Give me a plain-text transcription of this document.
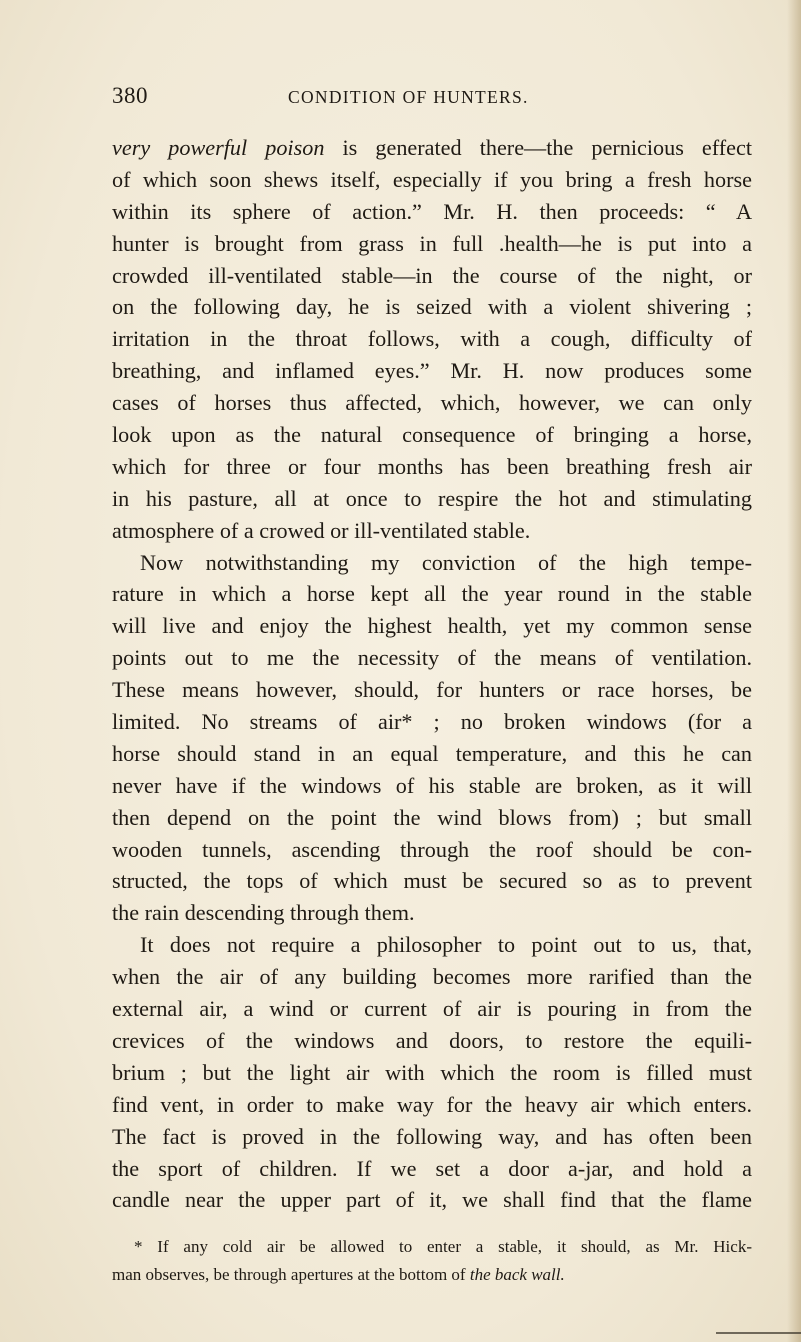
380	CONDITION OF HUNTERS.
very powerful poison is generated there—the pernicious effect
of which soon shews itself, especially if you bring a fresh horse
within its sphere of action.” Mr. H. then proceeds: “ A
hunter is brought from grass in full .health—he is put into a
crowded ill-ventilated stable—in the course of the night, or
on the following day, he is seized with a violent shivering ;
irritation in the throat follows, with a cough, difficulty of
breathing, and inflamed eyes.” Mr. H. now produces some
cases of horses thus affected, which, however, we can only
look upon as the natural consequence of bringing a horse,
which for three or four months has been breathing fresh air
in his pasture, all at once to respire the hot and stimulating
atmosphere of a crowed or ill-ventilated stable.
Now notwithstanding my conviction of the high tempe-
rature in which a horse kept all the year round in the stable
will live and enjoy the highest health, yet my common sense
points out to me the necessity of the means of ventilation.
These means however, should, for hunters or race horses, be
limited. No streams of air* ; no broken windows (for a
horse should stand in an equal temperature, and this he can
never have if the windows of his stable are broken, as it will
then depend on the point the wind blows from) ; but small
wooden tunnels, ascending through the roof should be con-
structed, the tops of which must be secured so as to prevent
the rain descending through them.
It does not require a philosopher to point out to us, that,
when the air of any building becomes more rarified than the
external air, a wind or current of air is pouring in from the
crevices of the windows and doors, to restore the equili-
brium ; but the light air with which the room is filled must
find vent, in order to make way for the heavy air which enters.
The fact is proved in the following way, and has often been
the sport of children. If we set a door a-jar, and hold a
candle near the upper part of it, we shall find that the flame
* If any cold air be allowed to enter a stable, it should, as Mr. Hick-
man observes, be through apertures at the bottom of the back wall.
